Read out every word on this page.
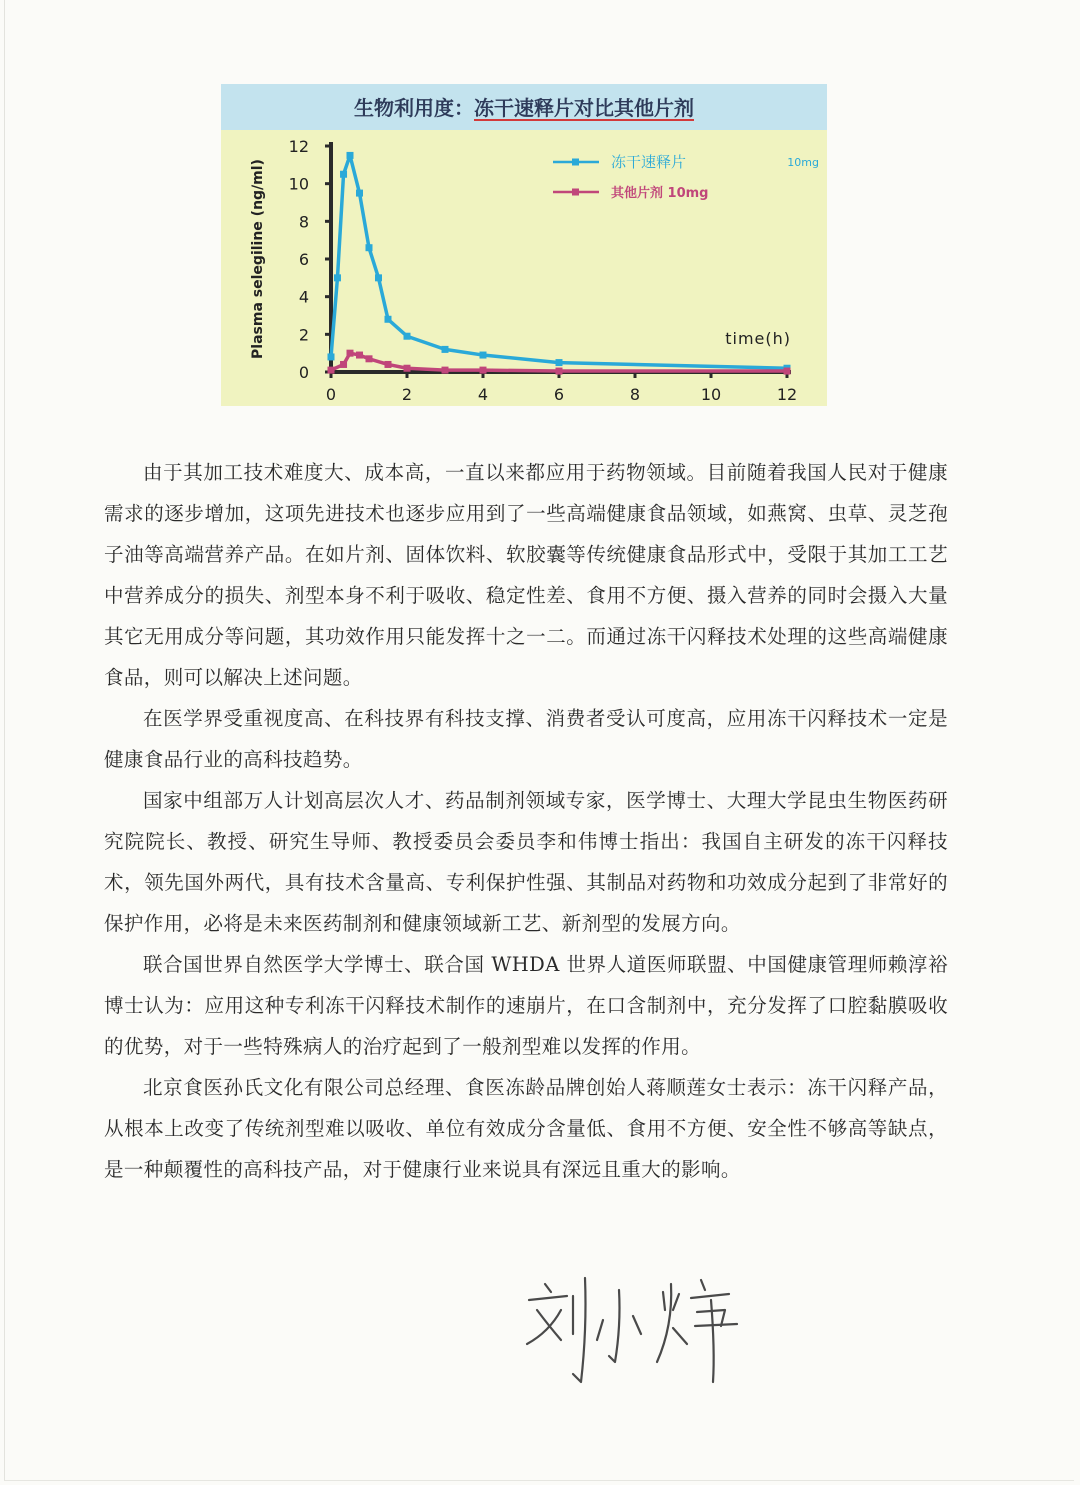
生物利用度：冻干速释片对比其他片剂
0
2
4
6
8
10
12
0	2	4	6	8	10	12
time(h)
Plasma selegiline (ng/ml)	冻干速释片	10mg
其他片剂 10mg

由于其加工技术难度大、成本高，一直以来都应用于药物领域。目前随着我国人民对于健康需求的逐步增加，这项先进技术也逐步应用到了一些高端健康食品领域，如燕窝、虫草、灵芝孢子油等高端营养产品。在如片剂、固体饮料、软胶囊等传统健康食品形式中，受限于其加工工艺中营养成分的损失、剂型本身不利于吸收、稳定性差、食用不方便、摄入营养的同时会摄入大量其它无用成分等问题，其功效作用只能发挥十之一二。而通过冻干闪释技术处理的这些高端健康食品，则可以解决上述问题。

在医学界受重视度高、在科技界有科技支撑、消费者受认可度高，应用冻干闪释技术一定是健康食品行业的高科技趋势。

国家中组部万人计划高层次人才、药品制剂领域专家，医学博士、大理大学昆虫生物医药研究院院长、教授、研究生导师、教授委员会委员李和伟博士指出：我国自主研发的冻干闪释技术，领先国外两代，具有技术含量高、专利保护性强、其制品对药物和功效成分起到了非常好的保护作用，必将是未来医药制剂和健康领域新工艺、新剂型的发展方向。

联合国世界自然医学大学博士、联合国 WHDA 世界人道医师联盟、中国健康管理师赖淳裕博士认为：应用这种专利冻干闪释技术制作的速崩片，在口含制剂中，充分发挥了口腔黏膜吸收的优势，对于一些特殊病人的治疗起到了一般剂型难以发挥的作用。

北京食医孙氏文化有限公司总经理、食医冻龄品牌创始人蒋顺莲女士表示：冻干闪释产品，从根本上改变了传统剂型难以吸收、单位有效成分含量低、食用不方便、安全性不够高等缺点，是一种颠覆性的高科技产品，对于健康行业来说具有深远且重大的影响。
